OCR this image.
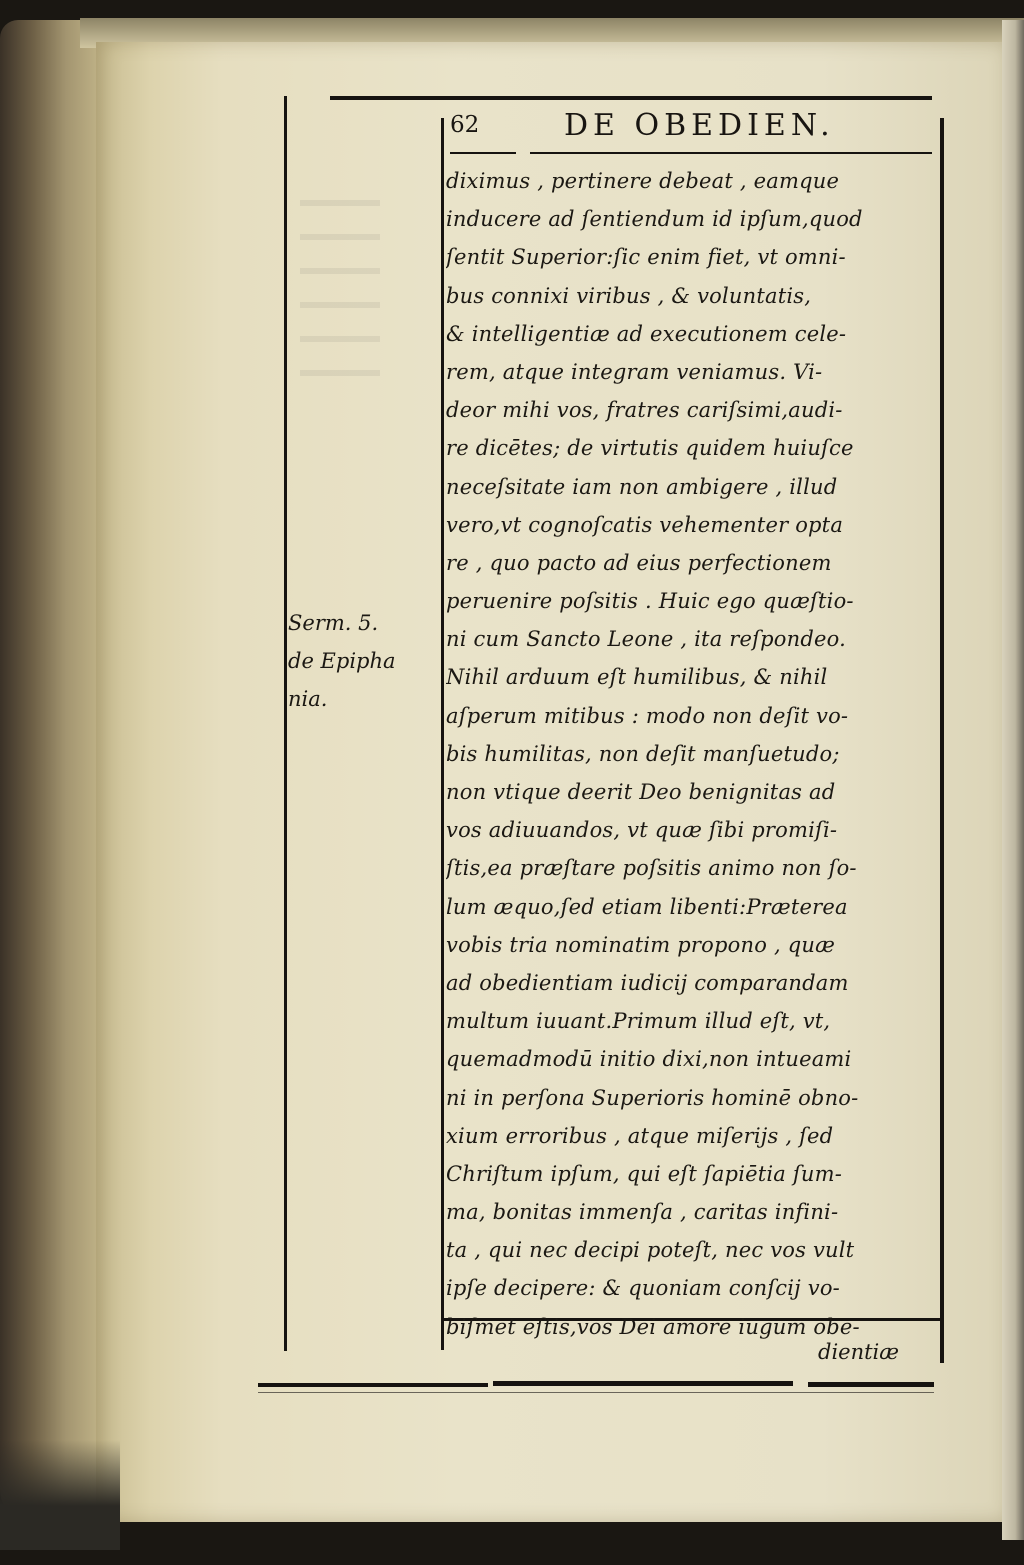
62	DE OBEDIEN.
diximus , pertinere debeat , eamque
inducere ad ſentiendum id ipſum,quod
ſentit Superior:ſic enim fiet, vt omni-
bus connixi viribus , & voluntatis,
& intelligentiæ ad executionem cele-
rem, atque integram veniamus. Vi-
deor mihi vos, fratres cariſsimi,audi-
re dicētes; de virtutis quidem huiuſce
neceſsitate iam non ambigere , illud
vero,vt cognoſcatis vehementer opta
re , quo pacto ad eius perfectionem
peruenire poſsitis . Huic ego quæſtio-
ni cum Sancto Leone , ita reſpondeo.
Nihil arduum eſt humilibus, & nihil
aſperum mitibus : modo non deſit vo-
bis humilitas, non deſit manſuetudo;
non vtique deerit Deo benignitas ad
vos adiuuandos, vt quæ ſibi promiſi-
ſtis,ea præſtare poſsitis animo non ſo-
lum æquo,ſed etiam libenti:Præterea
vobis tria nominatim propono , quæ
ad obedientiam iudicij comparandam
multum iuuant.Primum illud eſt, vt,
quemadmodū initio dixi,non intueami
ni in perſona Superioris hominē obno-
xium erroribus , atque miſerijs , ſed
Chriſtum ipſum, qui eſt ſapiētia ſum-
ma, bonitas immenſa , caritas infini-
ta , qui nec decipi poteſt, nec vos vult
ipſe decipere: & quoniam conſcij vo-
biſmet eſtis,vos Dei amore iugum obe-
Serm. 5.
de Epipha
nia.
dientiæ
